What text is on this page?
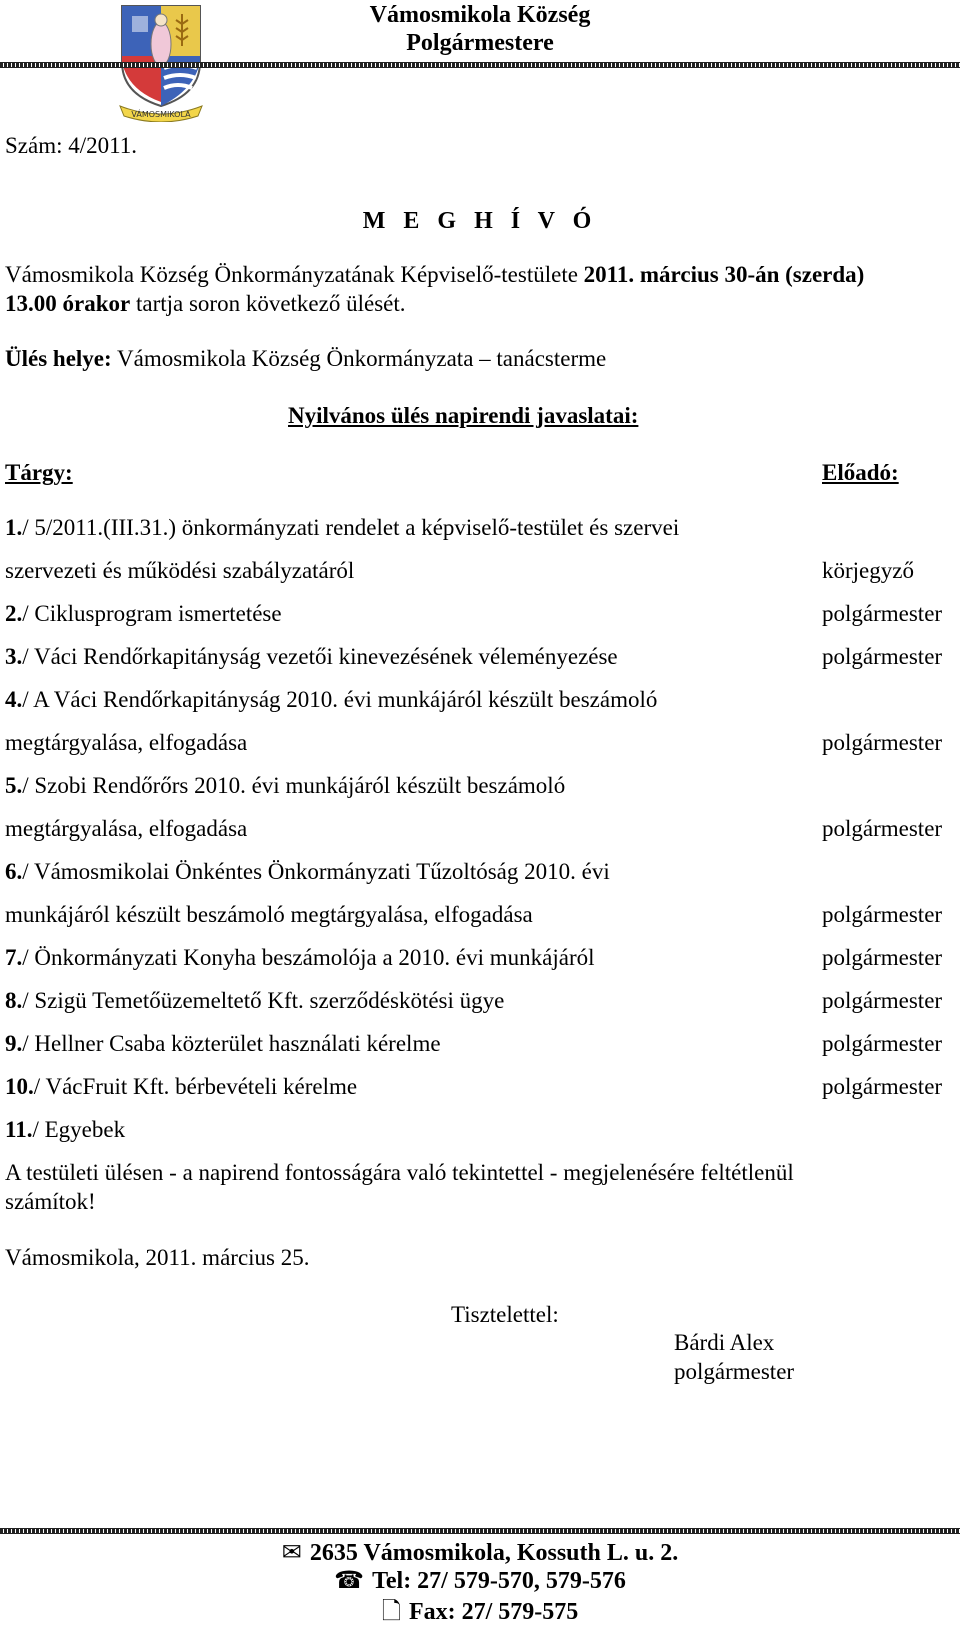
VÁMOSMIKOLA
Vámosmikola Község
Polgármestere
Szám: 4/2011.
M E G H Í V Ó
Vámosmikola Község Önkormányzatának Képviselő-testülete 2011. március 30-án (szerda)
13.00 órakor tartja soron következő ülését.
Ülés helye: Vámosmikola Község Önkormányzata – tanácsterme
Nyilvános ülés napirendi javaslatai:
Tárgy:	Előadó:
1./ 5/2011.(III.31.) önkormányzati rendelet a képviselő-testület és szervei
szervezeti és működési szabályzatáról	körjegyző
2./ Ciklusprogram ismertetése	polgármester
3./ Váci Rendőrkapitányság vezetői kinevezésének véleményezése	polgármester
4./ A Váci Rendőrkapitányság 2010. évi munkájáról készült beszámoló
megtárgyalása, elfogadása	polgármester
5./ Szobi Rendőrőrs 2010. évi munkájáról készült beszámoló
megtárgyalása, elfogadása	polgármester
6./ Vámosmikolai Önkéntes Önkormányzati Tűzoltóság 2010. évi
munkájáról készült beszámoló megtárgyalása, elfogadása	polgármester
7./ Önkormányzati Konyha beszámolója a 2010. évi munkájáról	polgármester
8./ Szigü Temetőüzemeltető Kft. szerződéskötési ügye	polgármester
9./ Hellner Csaba közterület használati kérelme	polgármester
10./ VácFruit Kft. bérbevételi kérelme	polgármester
11./ Egyebek
A testületi ülésen - a napirend fontosságára való tekintettel - megjelenésére feltétlenül
számítok!
Vámosmikola, 2011. március 25.
Tisztelettel:
Bárdi Alex
polgármester
✉ 2635 Vámosmikola, Kossuth L. u. 2.
☎ Tel: 27/ 579-570, 579-576
🗋 Fax: 27/ 579-575
